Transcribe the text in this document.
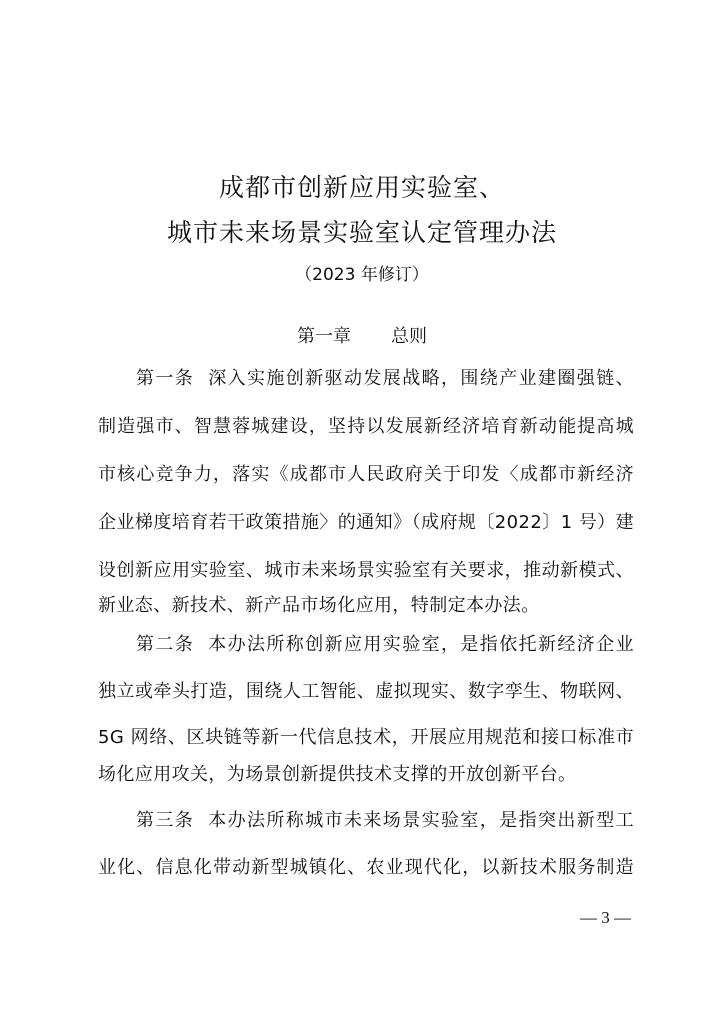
成都市创新应用实验室、
城市未来场景实验室认定管理办法
（2023 年修订）
第一章 总则
第一条 深入实施创新驱动发展战略，围绕产业建圈强链、
制造强市、智慧蓉城建设，坚持以发展新经济培育新动能提高城
市核心竞争力，落实《成都市人民政府关于印发〈成都市新经济
企业梯度培育若干政策措施〉的通知》（成府规〔2022〕1 号）建
设创新应用实验室、城市未来场景实验室有关要求，推动新模式、
新业态、新技术、新产品市场化应用，特制定本办法。
第二条 本办法所称创新应用实验室，是指依托新经济企业
独立或牵头打造，围绕人工智能、虚拟现实、数字孪生、物联网、
5G 网络、区块链等新一代信息技术，开展应用规范和接口标准市
场化应用攻关，为场景创新提供技术支撑的开放创新平台。
第三条 本办法所称城市未来场景实验室，是指突出新型工
业化、信息化带动新型城镇化、农业现代化，以新技术服务制造
— 3 —
